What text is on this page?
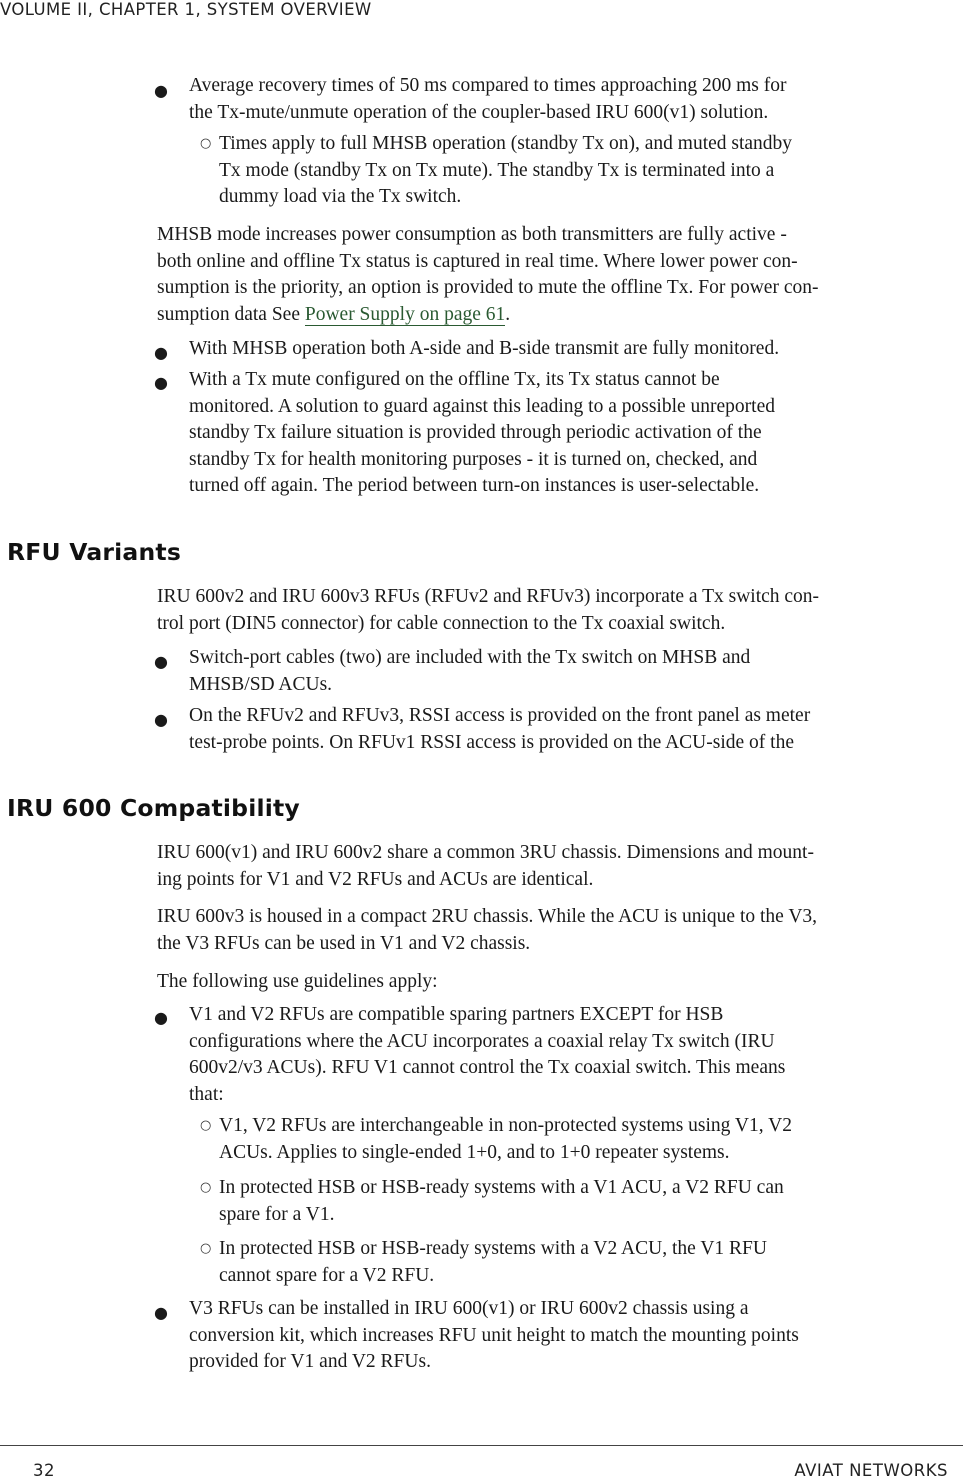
VOLUME II, CHAPTER 1, SYSTEM OVERVIEW
● Average recovery times of 50 ms compared to times approaching 200 ms for
the Tx-mute/unmute operation of the coupler-based IRU 600(v1) solution.
○ Times apply to full MHSB operation (standby Tx on), and muted standby
Tx mode (standby Tx on Tx mute). The standby Tx is terminated into a
dummy load via the Tx switch.
MHSB mode increases power consumption as both transmitters are fully active -
both online and offline Tx status is captured in real time. Where lower power con-
sumption is the priority, an option is provided to mute the offline Tx. For power con-
sumption data See Power Supply on page 61.
● With MHSB operation both A-side and B-side transmit are fully monitored.
● With a Tx mute configured on the offline Tx, its Tx status cannot be
monitored. A solution to guard against this leading to a possible unreported
standby Tx failure situation is provided through periodic activation of the
standby Tx for health monitoring purposes - it is turned on, checked, and
turned off again. The period between turn-on instances is user-selectable.
RFU Variants
IRU 600v2 and IRU 600v3 RFUs (RFUv2 and RFUv3) incorporate a Tx switch con-
trol port (DIN5 connector) for cable connection to the Tx coaxial switch.
● Switch-port cables (two) are included with the Tx switch on MHSB and
MHSB/SD ACUs.
● On the RFUv2 and RFUv3, RSSI access is provided on the front panel as meter
test-probe points. On RFUv1 RSSI access is provided on the ACU-side of the
IRU 600 Compatibility
IRU 600(v1) and IRU 600v2 share a common 3RU chassis. Dimensions and mount-
ing points for V1 and V2 RFUs and ACUs are identical.
IRU 600v3 is housed in a compact 2RU chassis. While the ACU is unique to the V3,
the V3 RFUs can be used in V1 and V2 chassis.
The following use guidelines apply:
● V1 and V2 RFUs are compatible sparing partners EXCEPT for HSB
configurations where the ACU incorporates a coaxial relay Tx switch (IRU
600v2/v3 ACUs). RFU V1 cannot control the Tx coaxial switch. This means
that:
○ V1, V2 RFUs are interchangeable in non-protected systems using V1, V2
ACUs. Applies to single-ended 1+0, and to 1+0 repeater systems.
○ In protected HSB or HSB-ready systems with a V1 ACU, a V2 RFU can
spare for a V1.
○ In protected HSB or HSB-ready systems with a V2 ACU, the V1 RFU
cannot spare for a V2 RFU.
● V3 RFUs can be installed in IRU 600(v1) or IRU 600v2 chassis using a
conversion kit, which increases RFU unit height to match the mounting points
provided for V1 and V2 RFUs.
32	AVIAT NETWORKS
